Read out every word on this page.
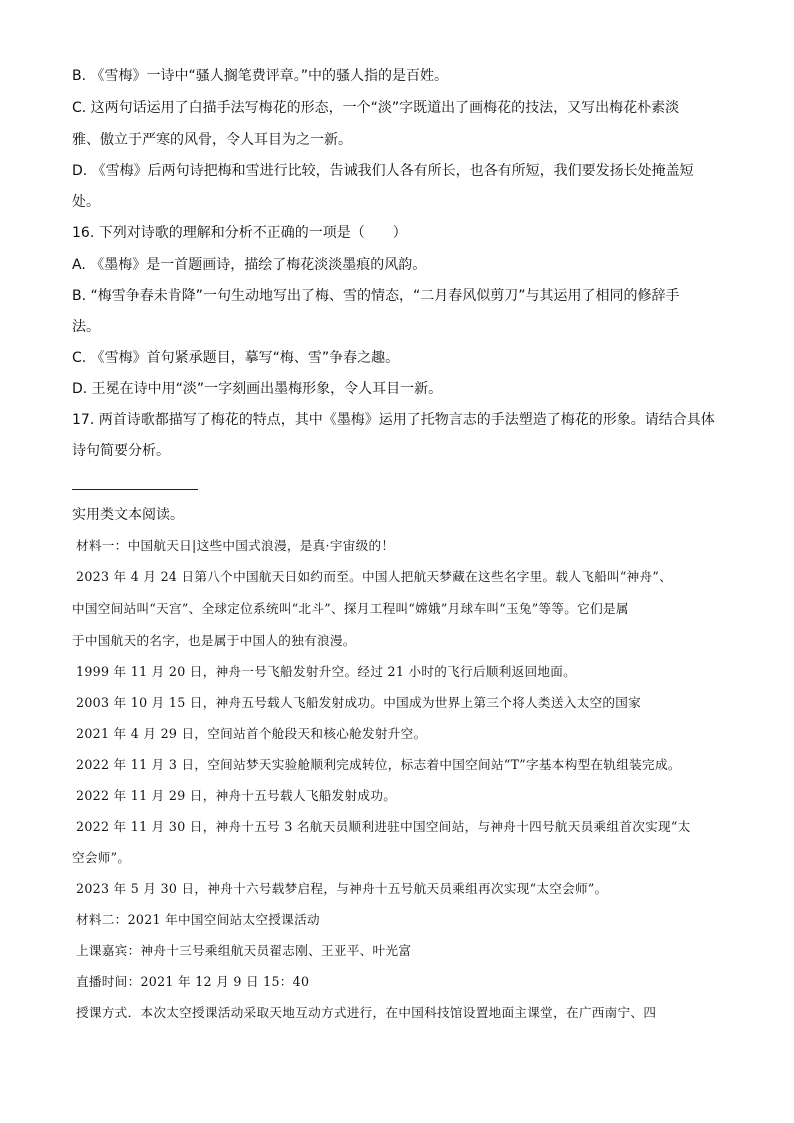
B. 《雪梅》一诗中“骚人搁笔费评章。”中的骚人指的是百姓。
C. 这两句话运用了白描手法写梅花的形态，一个“淡”字既道出了画梅花的技法，又写出梅花朴素淡
雅、傲立于严寒的风骨，令人耳目为之一新。
D. 《雪梅》后两句诗把梅和雪进行比较，告诫我们人各有所长，也各有所短，我们要发扬长处掩盖短
处。
16. 下列对诗歌的理解和分析不正确的一项是（　　）
A. 《墨梅》是一首题画诗，描绘了梅花淡淡墨痕的风韵。
B. “梅雪争春未肯降”一句生动地写出了梅、雪的情态，“二月春风似剪刀”与其运用了相同的修辞手
法。
C. 《雪梅》首句紧承题目，摹写“梅、雪”争春之趣。
D. 王冕在诗中用“淡”一字刻画出墨梅形象，令人耳目一新。
17. 两首诗歌都描写了梅花的特点，其中《墨梅》运用了托物言志的手法塑造了梅花的形象。请结合具体
诗句简要分析。
实用类文本阅读。
材料一：中国航天日|这些中国式浪漫，是真·宇宙级的！
2023 年 4 月 24 日第八个中国航天日如约而至。中国人把航天梦藏在这些名字里。载人飞船叫“神舟”、
中国空间站叫“天宫”、全球定位系统叫“北斗”、探月工程叫“嫦娥”月球车叫“玉兔”等等。它们是属
于中国航天的名字，也是属于中国人的独有浪漫。
1999 年 11 月 20 日，神舟一号飞船发射升空。经过 21 小时的飞行后顺利返回地面。
2003 年 10 月 15 日，神舟五号载人飞船发射成功。中国成为世界上第三个将人类送入太空的国家
2021 年 4 月 29 日，空间站首个舱段天和核心舱发射升空。
2022 年 11 月 3 日，空间站梦天实验舱顺利完成转位，标志着中国空间站“T”字基本构型在轨组装完成。
2022 年 11 月 29 日，神舟十五号载人飞船发射成功。
2022 年 11 月 30 日，神舟十五号 3 名航天员顺利进驻中国空间站，与神舟十四号航天员乘组首次实现“太
空会师”。
2023 年 5 月 30 日，神舟十六号载梦启程，与神舟十五号航天员乘组再次实现“太空会师”。
材料二：2021 年中国空间站太空授课活动
上课嘉宾：神舟十三号乘组航天员翟志刚、王亚平、叶光富
直播时间：2021 年 12 月 9 日 15：40
授课方式．本次太空授课活动采取天地互动方式进行，在中国科技馆设置地面主课堂，在广西南宁、四
